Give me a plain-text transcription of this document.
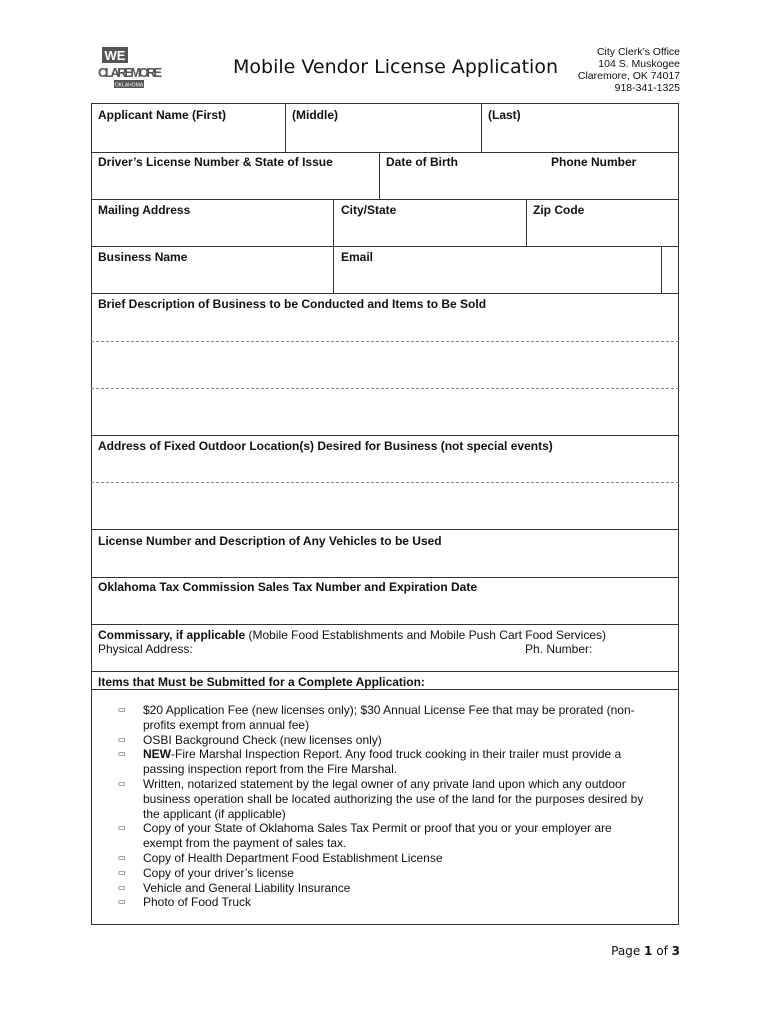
WE
CLAREMORE
OKLAHOMA
Mobile Vendor License Application
City Clerk’s Office
104 S. Muskogee
Claremore, OK 74017
918-341-1325
Applicant Name (First)	(Middle)	(Last)
Driver’s License Number & State of Issue	Date of Birth	Phone Number
Mailing Address	City/State	Zip Code
Business Name	Email
Brief Description of Business to be Conducted and Items to Be Sold
Address of Fixed Outdoor Location(s) Desired for Business (not special events)
License Number and Description of Any Vehicles to be Used
Oklahoma Tax Commission Sales Tax Number and Expiration Date
Commissary, if applicable (Mobile Food Establishments and Mobile Push Cart Food Services)
Physical Address:	Ph. Number:
Items that Must be Submitted for a Complete Application:
▭ $20 Application Fee (new licenses only); $30 Annual License Fee that may be prorated (non-
profits exempt from annual fee)
▭ OSBI Background Check (new licenses only)
▭ NEW-Fire Marshal Inspection Report. Any food truck cooking in their trailer must provide a
passing inspection report from the Fire Marshal.
▭ Written, notarized statement by the legal owner of any private land upon which any outdoor
business operation shall be located authorizing the use of the land for the purposes desired by
the applicant (if applicable)
▭ Copy of your State of Oklahoma Sales Tax Permit or proof that you or your employer are
exempt from the payment of sales tax.
▭ Copy of Health Department Food Establishment License
▭ Copy of your driver’s license
▭ Vehicle and General Liability Insurance
▭ Photo of Food Truck
Page 1 of 3
